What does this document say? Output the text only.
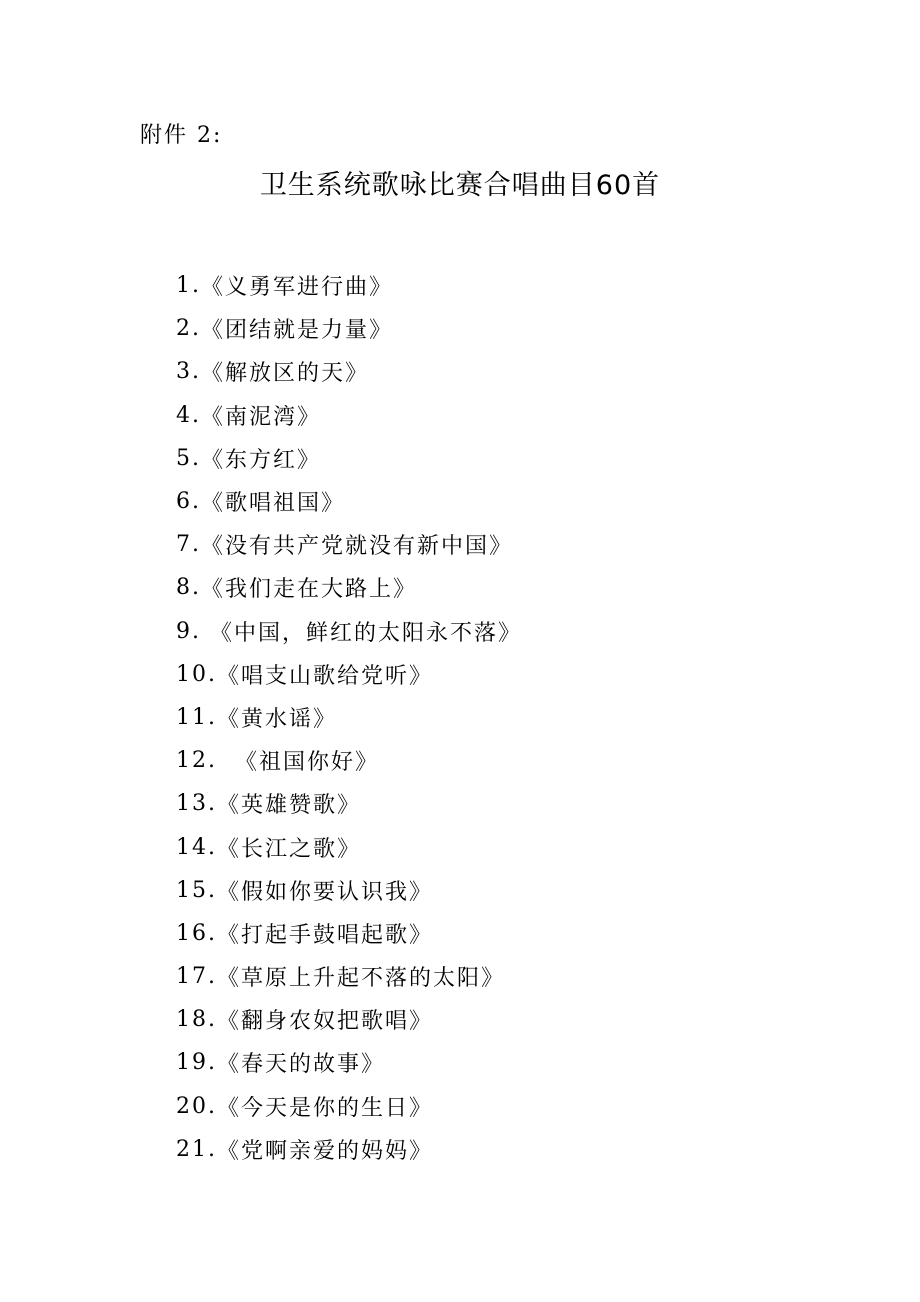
附件 2:
卫生系统歌咏比赛合唱曲目60首
1. 《义勇军进行曲》
2. 《团结就是力量》
3. 《解放区的天》
4. 《南泥湾》
5. 《东方红》
6. 《歌唱祖国》
7. 《没有共产党就没有新中国》
8. 《我们走在大路上》
9. 《中国，鲜红的太阳永不落》
10. 《唱支山歌给党听》
11. 《黄水谣》
12. 《祖国你好》
13. 《英雄赞歌》
14. 《长江之歌》
15. 《假如你要认识我》
16. 《打起手鼓唱起歌》
17. 《草原上升起不落的太阳》
18. 《翻身农奴把歌唱》
19. 《春天的故事》
20. 《今天是你的生日》
21. 《党啊亲爱的妈妈》
